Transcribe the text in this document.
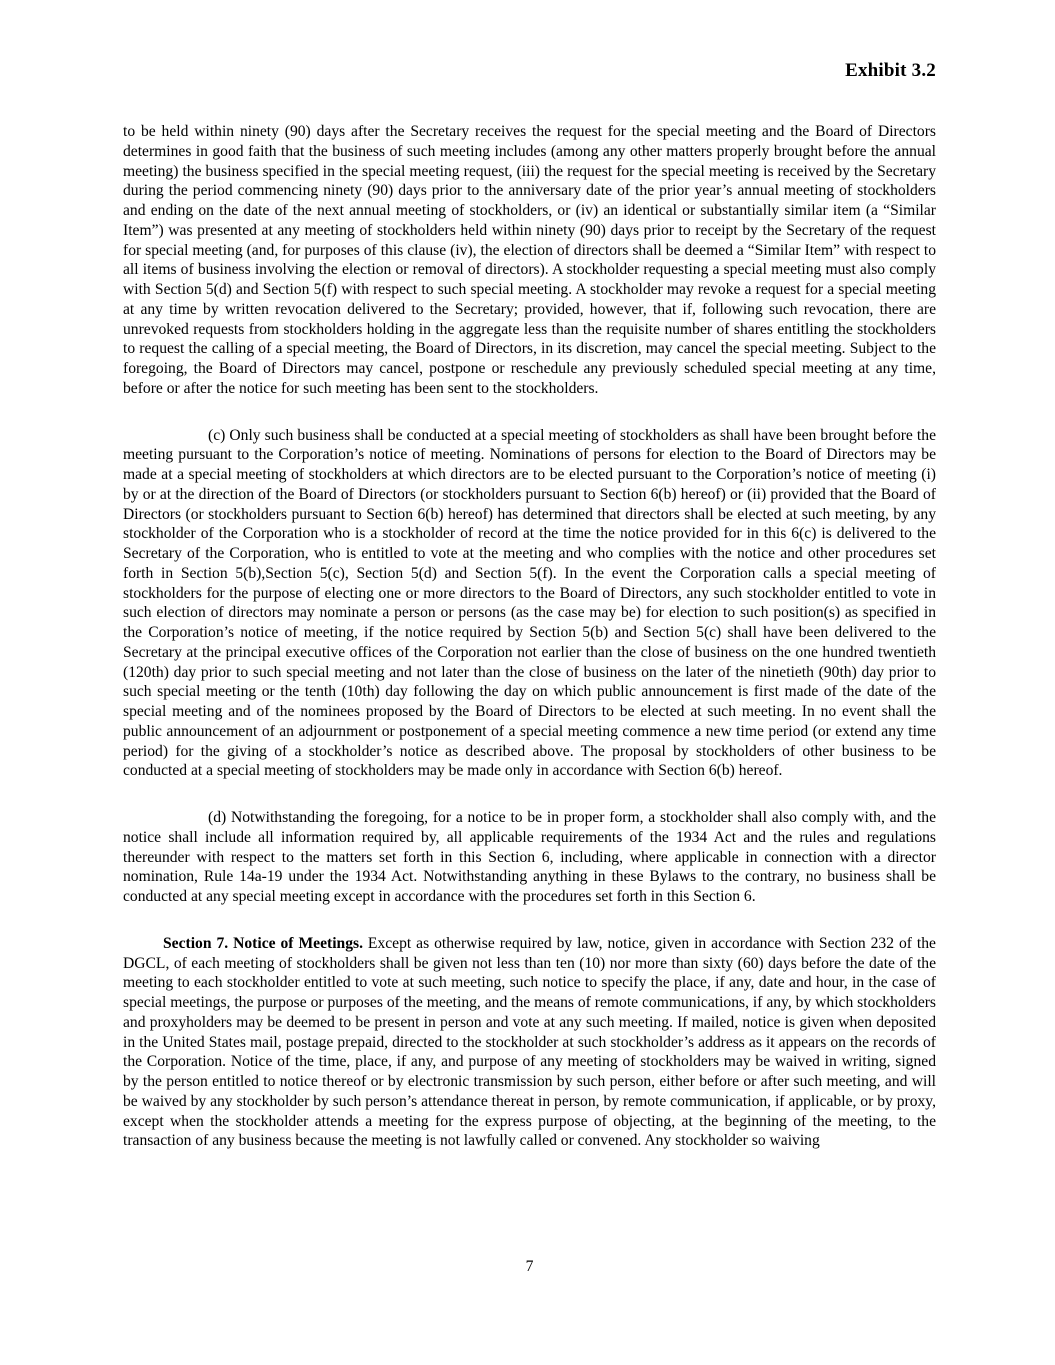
Exhibit 3.2

to be held within ninety (90) days after the Secretary receives the request for the special meeting and the Board of Directors determines in good faith that the business of such meeting includes (among any other matters properly brought before the annual meeting) the business specified in the special meeting request, (iii) the request for the special meeting is received by the Secretary during the period commencing ninety (90) days prior to the anniversary date of the prior year’s annual meeting of stockholders and ending on the date of the next annual meeting of stockholders, or (iv) an identical or substantially similar item (a “Similar Item”) was presented at any meeting of stockholders held within ninety (90) days prior to receipt by the Secretary of the request for special meeting (and, for purposes of this clause (iv), the election of directors shall be deemed a “Similar Item” with respect to all items of business involving the election or removal of directors). A stockholder requesting a special meeting must also comply with Section 5(d) and Section 5(f) with respect to such special meeting. A stockholder may revoke a request for a special meeting at any time by written revocation delivered to the Secretary; provided, however, that if, following such revocation, there are unrevoked requests from stockholders holding in the aggregate less than the requisite number of shares entitling the stockholders to request the calling of a special meeting, the Board of Directors, in its discretion, may cancel the special meeting. Subject to the foregoing, the Board of Directors may cancel, postpone or reschedule any previously scheduled special meeting at any time, before or after the notice for such meeting has been sent to the stockholders.

(c) Only such business shall be conducted at a special meeting of stockholders as shall have been brought before the meeting pursuant to the Corporation’s notice of meeting. Nominations of persons for election to the Board of Directors may be made at a special meeting of stockholders at which directors are to be elected pursuant to the Corporation’s notice of meeting (i) by or at the direction of the Board of Directors (or stockholders pursuant to Section 6(b) hereof) or (ii) provided that the Board of Directors (or stockholders pursuant to Section 6(b) hereof) has determined that directors shall be elected at such meeting, by any stockholder of the Corporation who is a stockholder of record at the time the notice provided for in this 6(c) is delivered to the Secretary of the Corporation, who is entitled to vote at the meeting and who complies with the notice and other procedures set forth in Section 5(b),Section 5(c), Section 5(d) and Section 5(f). In the event the Corporation calls a special meeting of stockholders for the purpose of electing one or more directors to the Board of Directors, any such stockholder entitled to vote in such election of directors may nominate a person or persons (as the case may be) for election to such position(s) as specified in the Corporation’s notice of meeting, if the notice required by Section 5(b) and Section 5(c) shall have been delivered to the Secretary at the principal executive offices of the Corporation not earlier than the close of business on the one hundred twentieth (120th) day prior to such special meeting and not later than the close of business on the later of the ninetieth (90th) day prior to such special meeting or the tenth (10th) day following the day on which public announcement is first made of the date of the special meeting and of the nominees proposed by the Board of Directors to be elected at such meeting. In no event shall the public announcement of an adjournment or postponement of a special meeting commence a new time period (or extend any time period) for the giving of a stockholder’s notice as described above. The proposal by stockholders of other business to be conducted at a special meeting of stockholders may be made only in accordance with Section 6(b) hereof.

(d) Notwithstanding the foregoing, for a notice to be in proper form, a stockholder shall also comply with, and the notice shall include all information required by, all applicable requirements of the 1934 Act and the rules and regulations thereunder with respect to the matters set forth in this Section 6, including, where applicable in connection with a director nomination, Rule 14a-19 under the 1934 Act. Notwithstanding anything in these Bylaws to the contrary, no business shall be conducted at any special meeting except in accordance with the procedures set forth in this Section 6.

Section 7. Notice of Meetings. Except as otherwise required by law, notice, given in accordance with Section 232 of the DGCL, of each meeting of stockholders shall be given not less than ten (10) nor more than sixty (60) days before the date of the meeting to each stockholder entitled to vote at such meeting, such notice to specify the place, if any, date and hour, in the case of special meetings, the purpose or purposes of the meeting, and the means of remote communications, if any, by which stockholders and proxyholders may be deemed to be present in person and vote at any such meeting. If mailed, notice is given when deposited in the United States mail, postage prepaid, directed to the stockholder at such stockholder’s address as it appears on the records of the Corporation. Notice of the time, place, if any, and purpose of any meeting of stockholders may be waived in writing, signed by the person entitled to notice thereof or by electronic transmission by such person, either before or after such meeting, and will be waived by any stockholder by such person’s attendance thereat in person, by remote communication, if applicable, or by proxy, except when the stockholder attends a meeting for the express purpose of objecting, at the beginning of the meeting, to the transaction of any business because the meeting is not lawfully called or convened. Any stockholder so waiving

7
